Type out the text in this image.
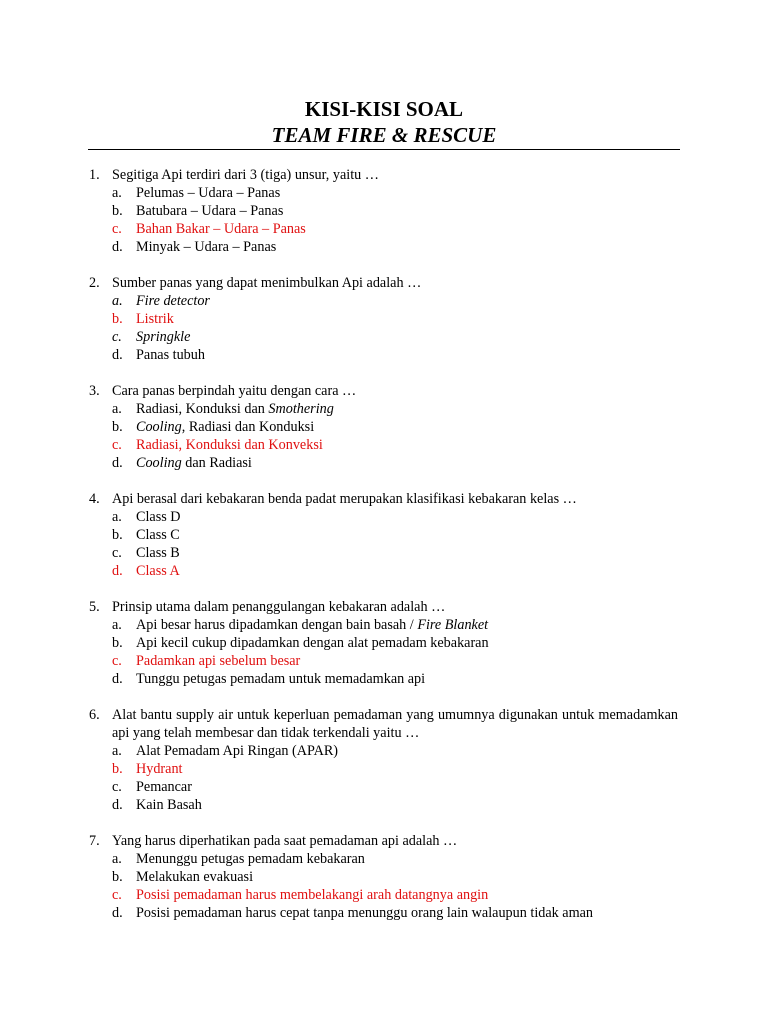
KISI-KISI SOAL
TEAM FIRE & RESCUE
1. Segitiga Api terdiri dari 3 (tiga) unsur, yaitu …
a. Pelumas – Udara – Panas
b. Batubara – Udara – Panas
c. Bahan Bakar – Udara – Panas
d. Minyak – Udara – Panas
2. Sumber panas yang dapat menimbulkan Api adalah …
a. Fire detector
b. Listrik
c. Springkle
d. Panas tubuh
3. Cara panas berpindah yaitu dengan cara …
a. Radiasi, Konduksi dan Smothering
b. Cooling, Radiasi dan Konduksi
c. Radiasi, Konduksi dan Konveksi
d. Cooling dan Radiasi
4. Api berasal dari kebakaran benda padat merupakan klasifikasi kebakaran kelas …
a. Class D
b. Class C
c. Class B
d. Class A
5. Prinsip utama dalam penanggulangan kebakaran adalah …
a. Api besar harus dipadamkan dengan bain basah / Fire Blanket
b. Api kecil cukup dipadamkan dengan alat pemadam kebakaran
c. Padamkan api sebelum besar
d. Tunggu petugas pemadam untuk memadamkan api
6. Alat bantu supply air untuk keperluan pemadaman yang umumnya digunakan untuk memadamkan api yang telah membesar dan tidak terkendali yaitu …
a. Alat Pemadam Api Ringan (APAR)
b. Hydrant
c. Pemancar
d. Kain Basah
7. Yang harus diperhatikan pada saat pemadaman api adalah …
a. Menunggu petugas pemadam kebakaran
b. Melakukan evakuasi
c. Posisi pemadaman harus membelakangi arah datangnya angin
d. Posisi pemadaman harus cepat tanpa menunggu orang lain walaupun tidak aman
